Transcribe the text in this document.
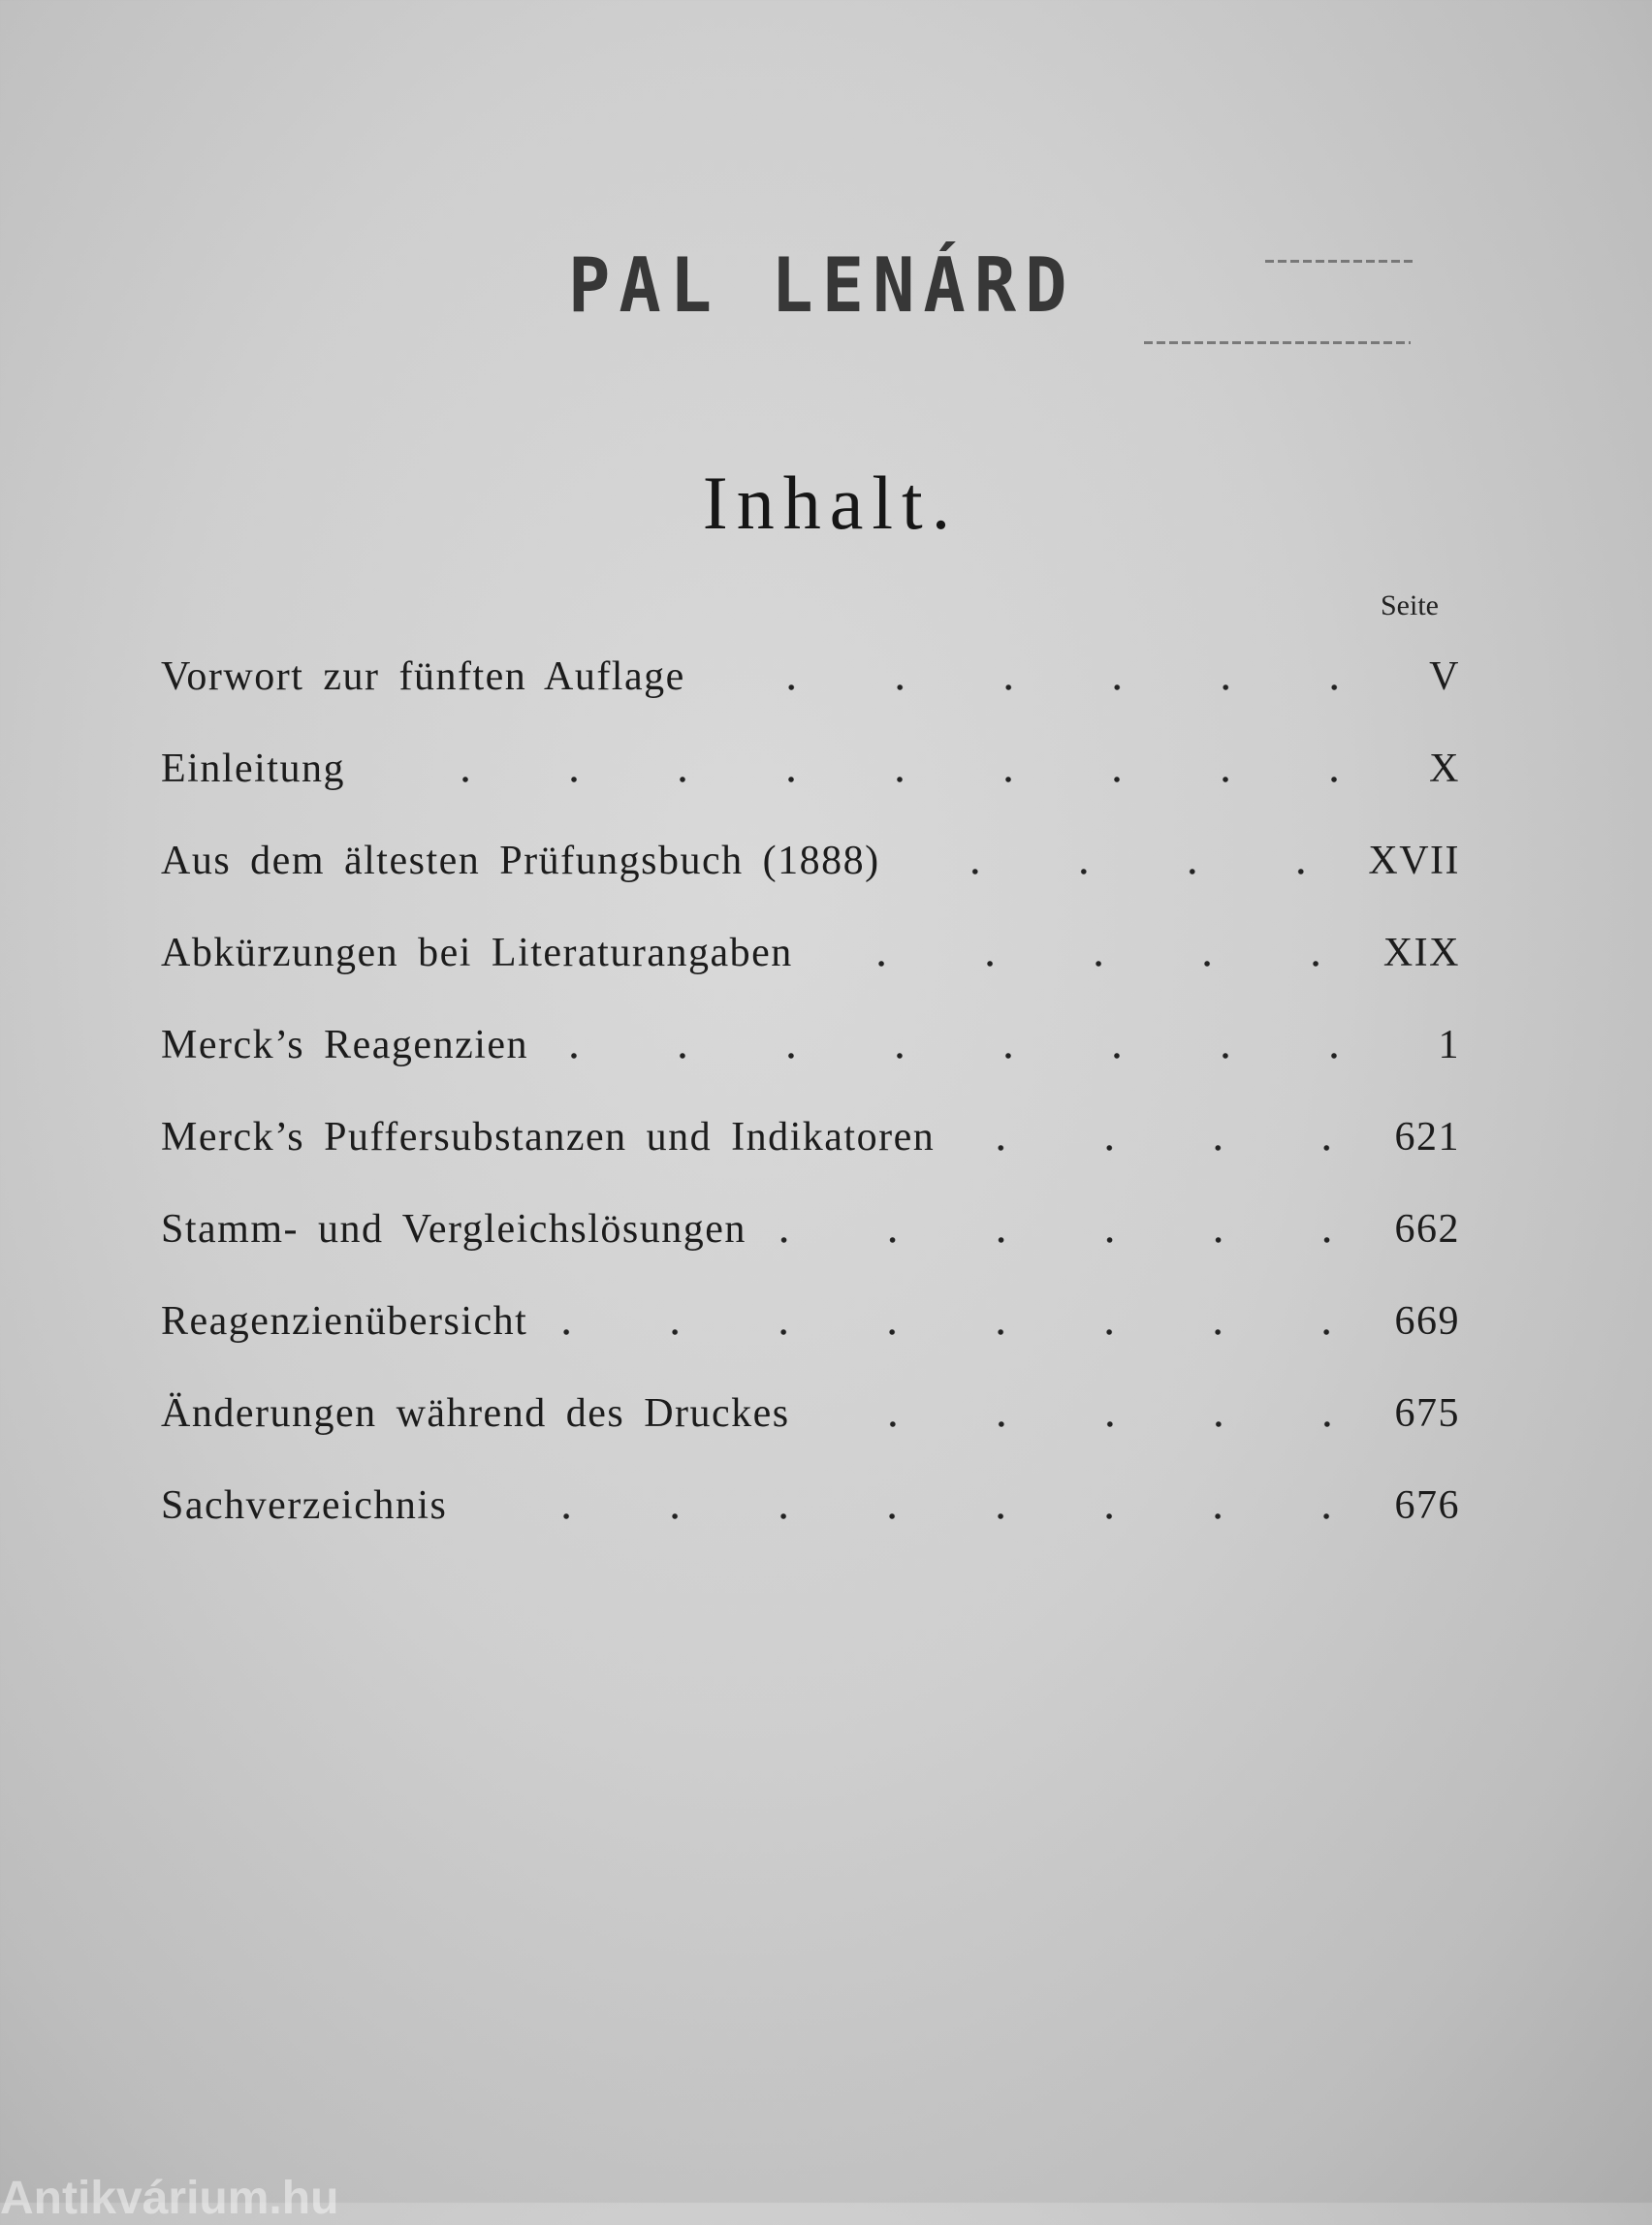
PAL LENÁRD
Inhalt.
Seite
Vorwort zur fünften Auflage	V
Einleitung	X
Aus dem ältesten Prüfungsbuch (1888)	XVII
Abkürzungen bei Literaturangaben	XIX
Merck’s Reagenzien	1
Merck’s Puffersubstanzen und Indikatoren	621
Stamm- und Vergleichslösungen	662
Reagenzienübersicht	669
Änderungen während des Druckes	675
Sachverzeichnis	676
Antikvárium.hu
